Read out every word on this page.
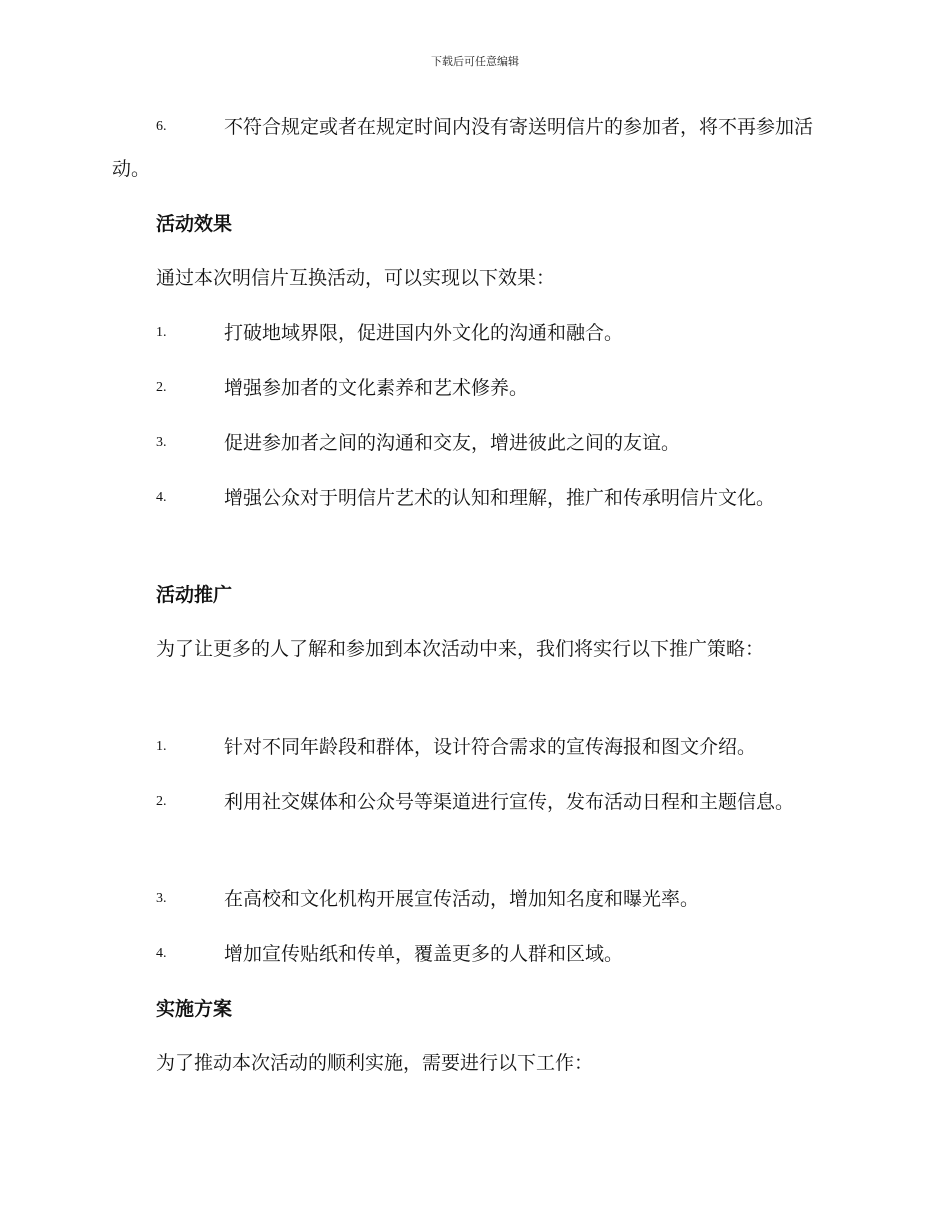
下载后可任意编辑
6.	不符合规定或者在规定时间内没有寄送明信片的参加者，将不再参加活动。
活动效果
通过本次明信片互换活动，可以实现以下效果：
1.	打破地域界限，促进国内外文化的沟通和融合。
2.	增强参加者的文化素养和艺术修养。
3.	促进参加者之间的沟通和交友，增进彼此之间的友谊。
4.	增强公众对于明信片艺术的认知和理解，推广和传承明信片文化。
活动推广
为了让更多的人了解和参加到本次活动中来，我们将实行以下推广策略：
1.	针对不同年龄段和群体，设计符合需求的宣传海报和图文介绍。
2.	利用社交媒体和公众号等渠道进行宣传，发布活动日程和主题信息。
3.	在高校和文化机构开展宣传活动，增加知名度和曝光率。
4.	增加宣传贴纸和传单，覆盖更多的人群和区域。
实施方案
为了推动本次活动的顺利实施，需要进行以下工作：
